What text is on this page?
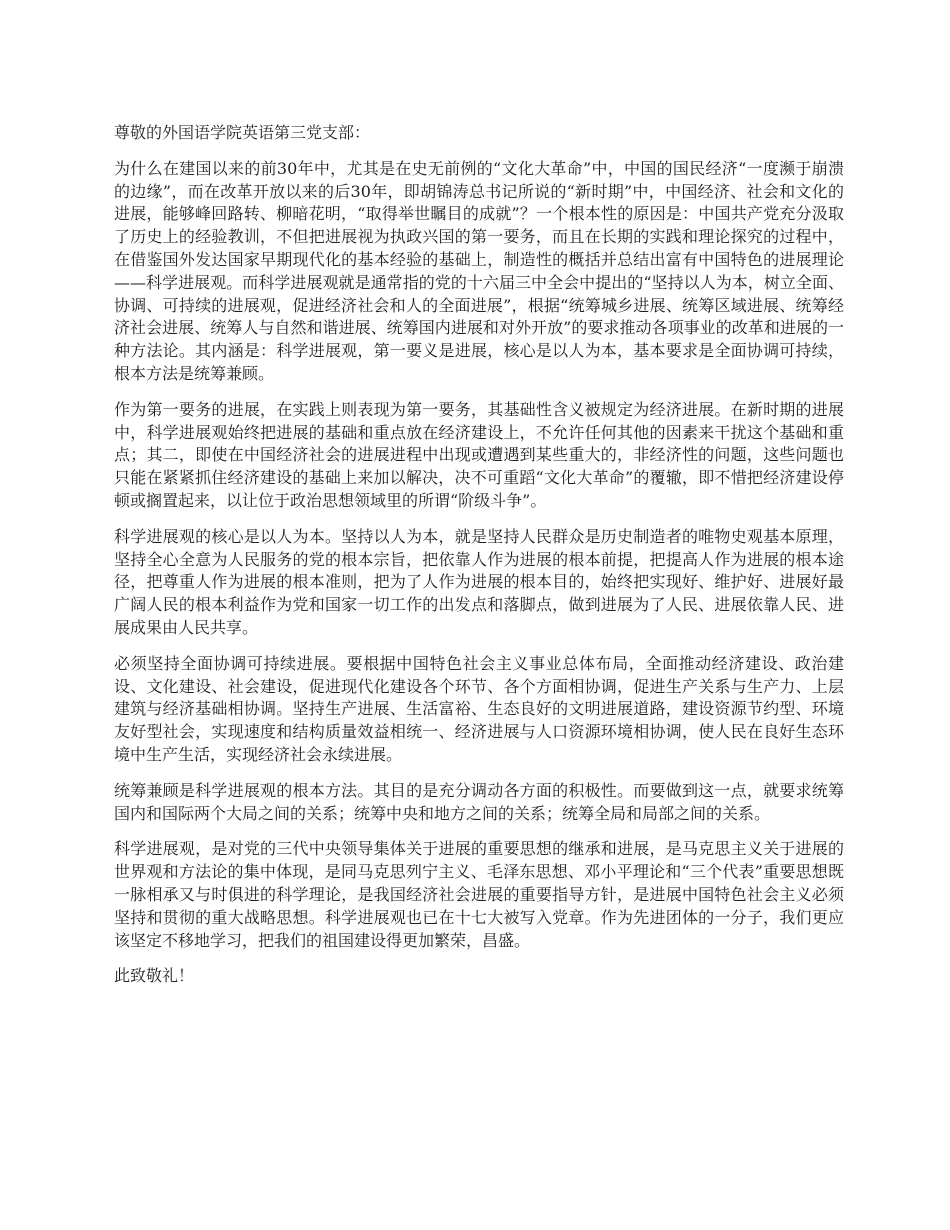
尊敬的外国语学院英语第三党支部：

为什么在建国以来的前30年中，尤其是在史无前例的“文化大革命”中，中国的国民经济“一度濒于崩溃的边缘”，而在改革开放以来的后30年，即胡锦涛总书记所说的“新时期”中，中国经济、社会和文化的进展，能够峰回路转、柳暗花明，“取得举世瞩目的成就”？一个根本性的原因是：中国共产党充分汲取了历史上的经验教训，不但把进展视为执政兴国的第一要务，而且在长期的实践和理论探究的过程中，在借鉴国外发达国家早期现代化的基本经验的基础上，制造性的概括并总结出富有中国特色的进展理论——科学进展观。而科学进展观就是通常指的党的十六届三中全会中提出的“坚持以人为本，树立全面、协调、可持续的进展观，促进经济社会和人的全面进展”，根据“统筹城乡进展、统筹区域进展、统筹经济社会进展、统筹人与自然和谐进展、统筹国内进展和对外开放”的要求推动各项事业的改革和进展的一种方法论。其内涵是：科学进展观，第一要义是进展，核心是以人为本，基本要求是全面协调可持续，根本方法是统筹兼顾。

作为第一要务的进展，在实践上则表现为第一要务，其基础性含义被规定为经济进展。在新时期的进展中，科学进展观始终把进展的基础和重点放在经济建设上，不允许任何其他的因素来干扰这个基础和重点；其二，即使在中国经济社会的进展进程中出现或遭遇到某些重大的，非经济性的问题，这些问题也只能在紧紧抓住经济建设的基础上来加以解决，决不可重蹈“文化大革命”的覆辙，即不惜把经济建设停顿或搁置起来，以让位于政治思想领域里的所谓“阶级斗争”。

科学进展观的核心是以人为本。坚持以人为本，就是坚持人民群众是历史制造者的唯物史观基本原理，坚持全心全意为人民服务的党的根本宗旨，把依靠人作为进展的根本前提，把提高人作为进展的根本途径，把尊重人作为进展的根本准则，把为了人作为进展的根本目的，始终把实现好、维护好、进展好最广阔人民的根本利益作为党和国家一切工作的出发点和落脚点，做到进展为了人民、进展依靠人民、进展成果由人民共享。

必须坚持全面协调可持续进展。要根据中国特色社会主义事业总体布局，全面推动经济建设、政治建设、文化建设、社会建设，促进现代化建设各个环节、各个方面相协调，促进生产关系与生产力、上层建筑与经济基础相协调。坚持生产进展、生活富裕、生态良好的文明进展道路，建设资源节约型、环境友好型社会，实现速度和结构质量效益相统一、经济进展与人口资源环境相协调，使人民在良好生态环境中生产生活，实现经济社会永续进展。

统筹兼顾是科学进展观的根本方法。其目的是充分调动各方面的积极性。而要做到这一点，就要求统筹国内和国际两个大局之间的关系；统筹中央和地方之间的关系；统筹全局和局部之间的关系。

科学进展观，是对党的三代中央领导集体关于进展的重要思想的继承和进展，是马克思主义关于进展的世界观和方法论的集中体现，是同马克思列宁主义、毛泽东思想、邓小平理论和“三个代表”重要思想既一脉相承又与时俱进的科学理论，是我国经济社会进展的重要指导方针，是进展中国特色社会主义必须坚持和贯彻的重大战略思想。科学进展观也已在十七大被写入党章。作为先进团体的一分子，我们更应该坚定不移地学习，把我们的祖国建设得更加繁荣，昌盛。

此致敬礼！
